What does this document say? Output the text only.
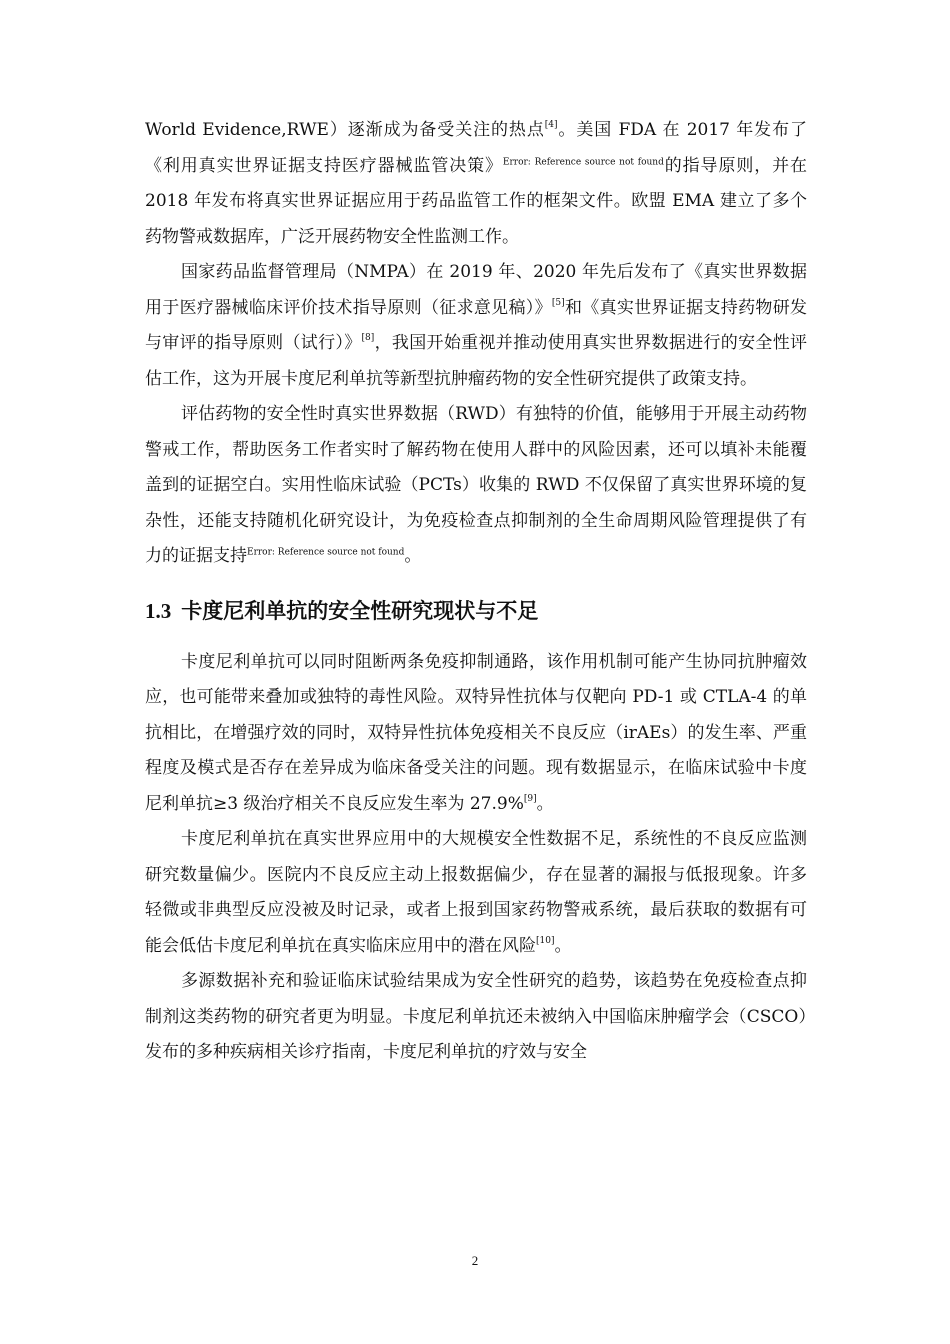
World Evidence,RWE）逐渐成为备受关注的热点[4]。美国 FDA 在 2017 年发布了《利用真实世界证据支持医疗器械监管决策》$^{Error: Reference source not found}$的指导原则，并在 2018 年发布将真实世界证据应用于药品监管工作的框架文件。欧盟 EMA 建立了多个药物警戒数据库，广泛开展药物安全性监测工作。

国家药品监督管理局（NMPA）在 2019 年、2020 年先后发布了《真实世界数据用于医疗器械临床评价技术指导原则（征求意见稿）》[5]和《真实世界证据支持药物研发与审评的指导原则（试行）》[8]，我国开始重视并推动使用真实世界数据进行的安全性评估工作，这为开展卡度尼利单抗等新型抗肿瘤药物的安全性研究提供了政策支持。

评估药物的安全性时真实世界数据（RWD）有独特的价值，能够用于开展主动药物警戒工作，帮助医务工作者实时了解药物在使用人群中的风险因素，还可以填补未能覆盖到的证据空白。实用性临床试验（PCTs）收集的 RWD 不仅保留了真实世界环境的复杂性，还能支持随机化研究设计，为免疫检查点抑制剂的全生命周期风险管理提供了有力的证据支持$^{Error: Reference source not found}$。

1.3 卡度尼利单抗的安全性研究现状与不足

卡度尼利单抗可以同时阻断两条免疫抑制通路，该作用机制可能产生协同抗肿瘤效应，也可能带来叠加或独特的毒性风险。双特异性抗体与仅靶向 PD-1 或 CTLA-4 的单抗相比，在增强疗效的同时，双特异性抗体免疫相关不良反应（irAEs）的发生率、严重程度及模式是否存在差异成为临床备受关注的问题。现有数据显示，在临床试验中卡度尼利单抗≥3 级治疗相关不良反应发生率为 27.9%[9]。

卡度尼利单抗在真实世界应用中的大规模安全性数据不足，系统性的不良反应监测研究数量偏少。医院内不良反应主动上报数据偏少，存在显著的漏报与低报现象。许多轻微或非典型反应没被及时记录，或者上报到国家药物警戒系统，最后获取的数据有可能会低估卡度尼利单抗在真实临床应用中的潜在风险[10]。

多源数据补充和验证临床试验结果成为安全性研究的趋势，该趋势在免疫检查点抑制剂这类药物的研究者更为明显。卡度尼利单抗还未被纳入中国临床肿瘤学会（CSCO）发布的多种疾病相关诊疗指南，卡度尼利单抗的疗效与安全

2
